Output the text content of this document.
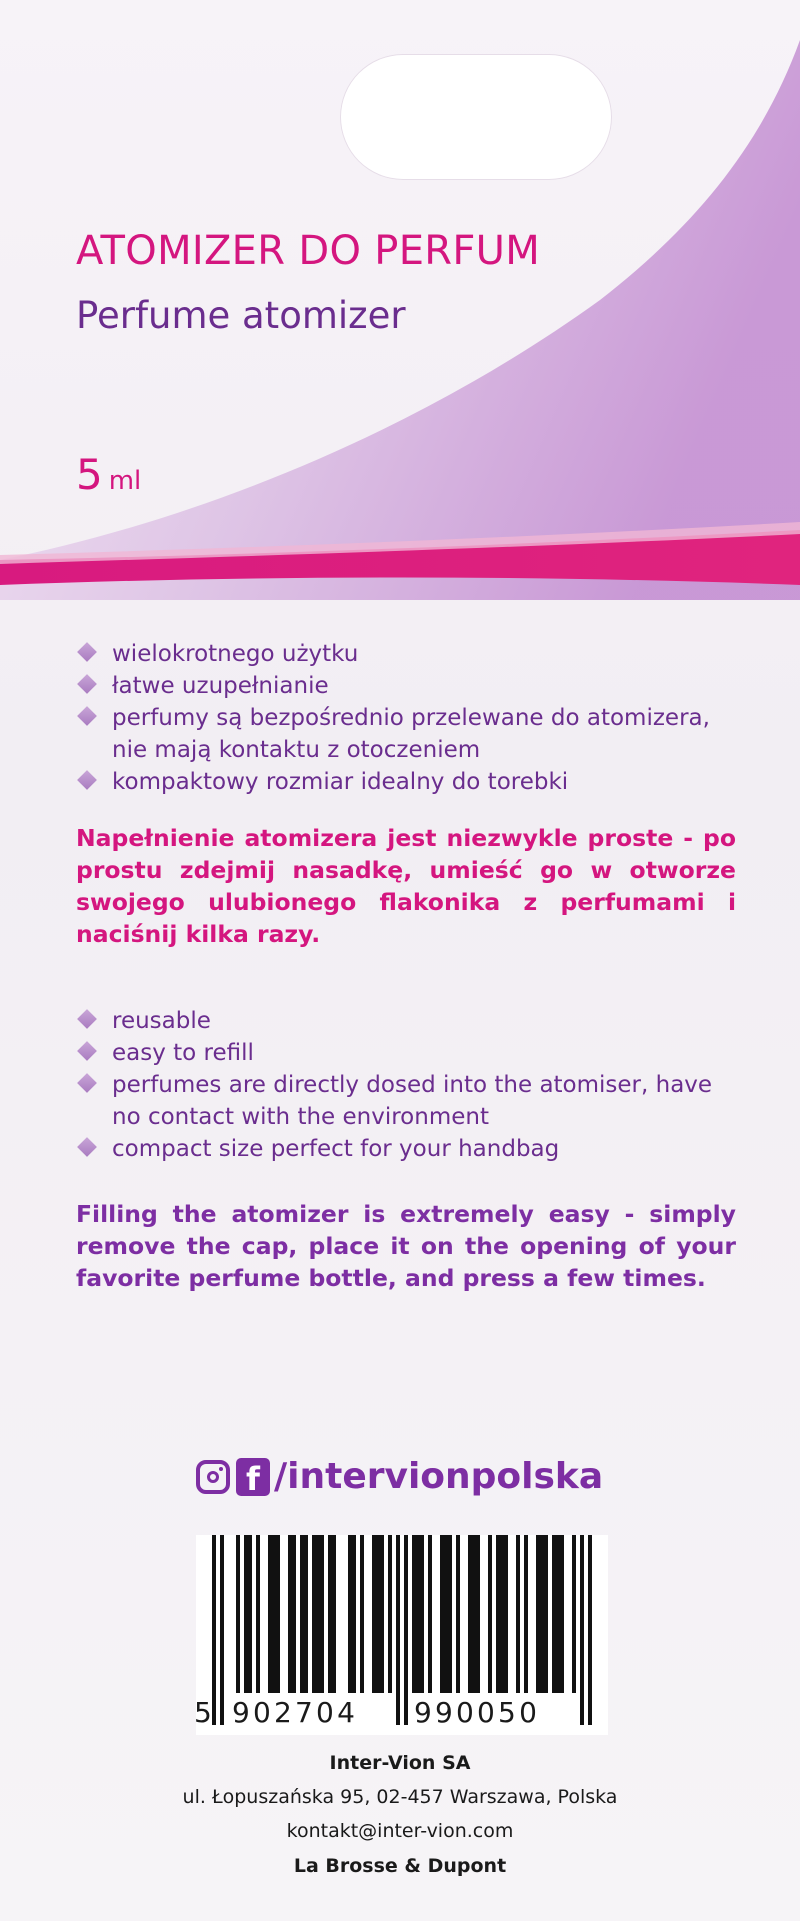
ATOMIZER DO PERFUM
Perfume atomizer
5 ml
wielokrotnego użytku
łatwe uzupełnianie
perfumy są bezpośrednio przelewane do atomizera, nie mają kontaktu z otoczeniem
kompaktowy rozmiar idealny do torebki

Napełnienie atomizera jest niezwykle proste - po prostu zdejmij nasadkę, umieść go w otworze swojego ulubionego flakonika z perfumami i naciśnij kilka razy.

reusable
easy to refill
perfumes are directly dosed into the atomiser, have no contact with the environment
compact size perfect for your handbag

Filling the atomizer is extremely easy - simply remove the cap, place it on the opening of your favorite perfume bottle, and press a few times.

f /intervionpolska
5 902704 990050

Inter-Vion SA

ul. Łopuszańska 95, 02-457 Warszawa, Polska

kontakt@inter-vion.com

La Brosse & Dupont
